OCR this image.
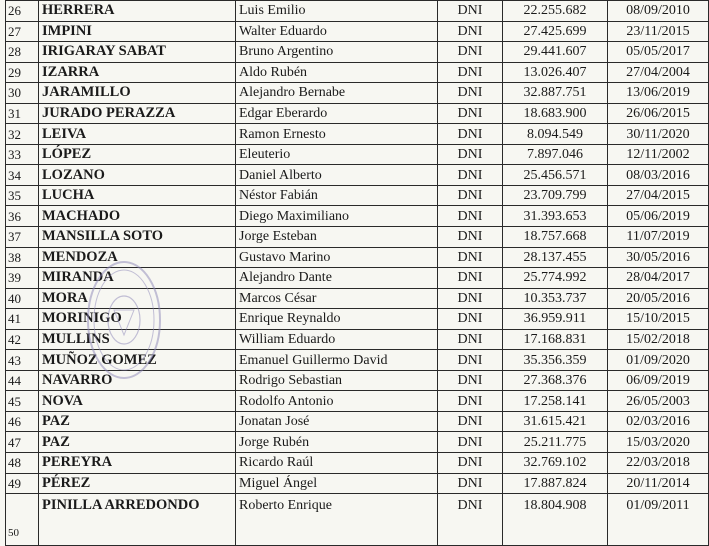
26	HERRERA	Luis Emilio	DNI	22.255.682	08/09/2010
27	IMPINI	Walter Eduardo	DNI	27.425.699	23/11/2015
28	IRIGARAY SABAT	Bruno Argentino	DNI	29.441.607	05/05/2017
29	IZARRA	Aldo Rubén	DNI	13.026.407	27/04/2004
30	JARAMILLO	Alejandro Bernabe	DNI	32.887.751	13/06/2019
31	JURADO PERAZZA	Edgar Eberardo	DNI	18.683.900	26/06/2015
32	LEIVA	Ramon Ernesto	DNI	8.094.549	30/11/2020
33	LÓPEZ	Eleuterio	DNI	7.897.046	12/11/2002
34	LOZANO	Daniel Alberto	DNI	25.456.571	08/03/2016
35	LUCHA	Néstor Fabián	DNI	23.709.799	27/04/2015
36	MACHADO	Diego Maximiliano	DNI	31.393.653	05/06/2019
37	MANSILLA SOTO	Jorge Esteban	DNI	18.757.668	11/07/2019
38	MENDOZA	Gustavo Marino	DNI	28.137.455	30/05/2016
39	MIRANDA	Alejandro Dante	DNI	25.774.992	28/04/2017
40	MORA	Marcos César	DNI	10.353.737	20/05/2016
41	MORINIGO	Enrique Reynaldo	DNI	36.959.911	15/10/2015
42	MULLINS	William Eduardo	DNI	17.168.831	15/02/2018
43	MUÑOZ GOMEZ	Emanuel Guillermo David	DNI	35.356.359	01/09/2020
44	NAVARRO	Rodrigo Sebastian	DNI	27.368.376	06/09/2019
45	NOVA	Rodolfo Antonio	DNI	17.258.141	26/05/2003
46	PAZ	Jonatan José	DNI	31.615.421	02/03/2016
47	PAZ	Jorge Rubén	DNI	25.211.775	15/03/2020
48	PEREYRA	Ricardo Raúl	DNI	32.769.102	22/03/2018
49	PÉREZ	Miguel Ángel	DNI	17.887.824	20/11/2014
50	PINILLA ARREDONDO	Roberto Enrique	DNI	18.804.908	01/09/2011
